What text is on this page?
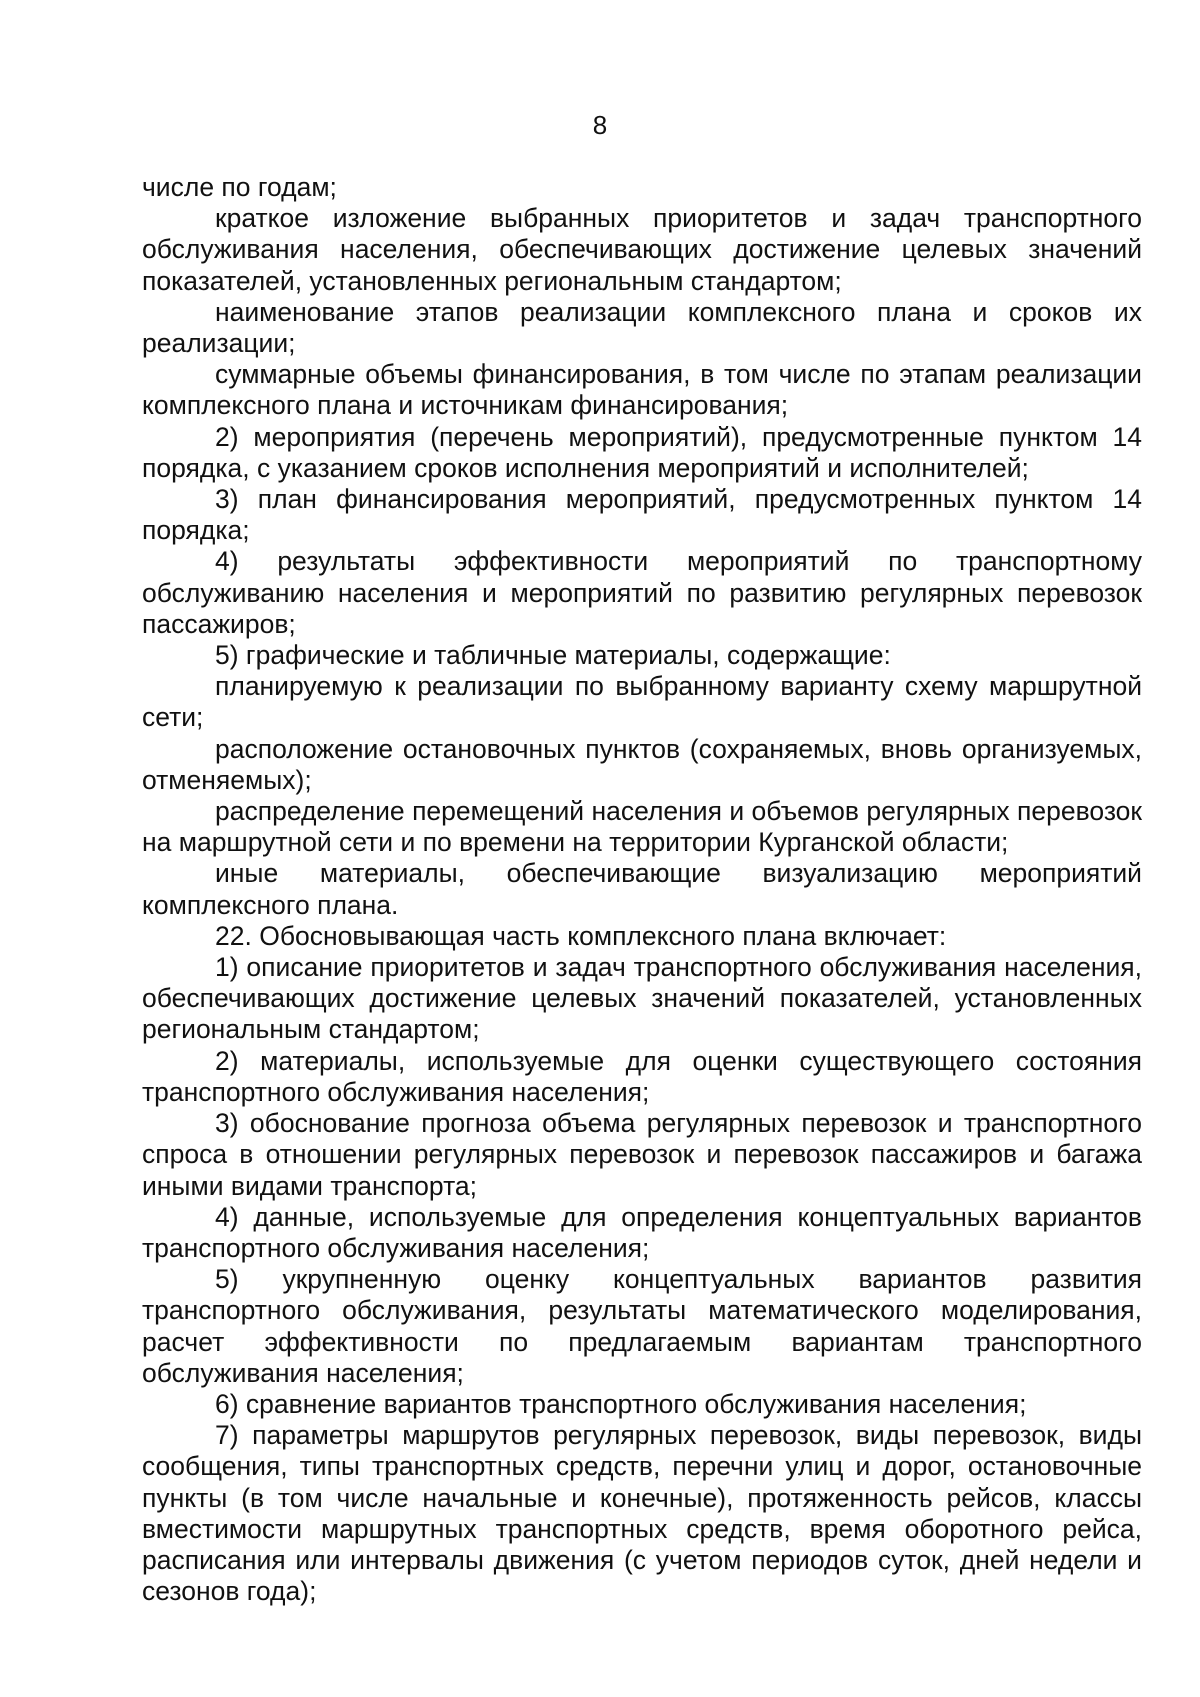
8

числе по годам;

краткое изложение выбранных приоритетов и задач транспортного обслуживания населения, обеспечивающих достижение целевых значений показателей, установленных региональным стандартом;

наименование этапов реализации комплексного плана и сроков их реализации;

суммарные объемы финансирования, в том числе по этапам реализации комплексного плана и источникам финансирования;

2) мероприятия (перечень мероприятий), предусмотренные пунктом 14 порядка, с указанием сроков исполнения мероприятий и исполнителей;

3) план финансирования мероприятий, предусмотренных пунктом 14 порядка;

4) результаты эффективности мероприятий по транспортному обслуживанию населения и мероприятий по развитию регулярных перевозок пассажиров;

5) графические и табличные материалы, содержащие:

планируемую к реализации по выбранному варианту схему маршрутной сети;

расположение остановочных пунктов (сохраняемых, вновь организуемых, отменяемых);

распределение перемещений населения и объемов регулярных перевозок на маршрутной сети и по времени на территории Курганской области;

иные материалы, обеспечивающие визуализацию мероприятий комплексного плана.

22. Обосновывающая часть комплексного плана включает:

1) описание приоритетов и задач транспортного обслуживания населения, обеспечивающих достижение целевых значений показателей, установленных региональным стандартом;

2) материалы, используемые для оценки существующего состояния транспортного обслуживания населения;

3) обоснование прогноза объема регулярных перевозок и транспортного спроса в отношении регулярных перевозок и перевозок пассажиров и багажа иными видами транспорта;

4) данные, используемые для определения концептуальных вариантов транспортного обслуживания населения;

5) укрупненную оценку концептуальных вариантов развития транспортного обслуживания, результаты математического моделирования, расчет эффективности по предлагаемым вариантам транспортного обслуживания населения;

6) сравнение вариантов транспортного обслуживания населения;

7) параметры маршрутов регулярных перевозок, виды перевозок, виды сообщения, типы транспортных средств, перечни улиц и дорог, остановочные пункты (в том числе начальные и конечные), протяженность рейсов, классы вместимости маршрутных транспортных средств, время оборотного рейса, расписания или интервалы движения (с учетом периодов суток, дней недели и сезонов года);
